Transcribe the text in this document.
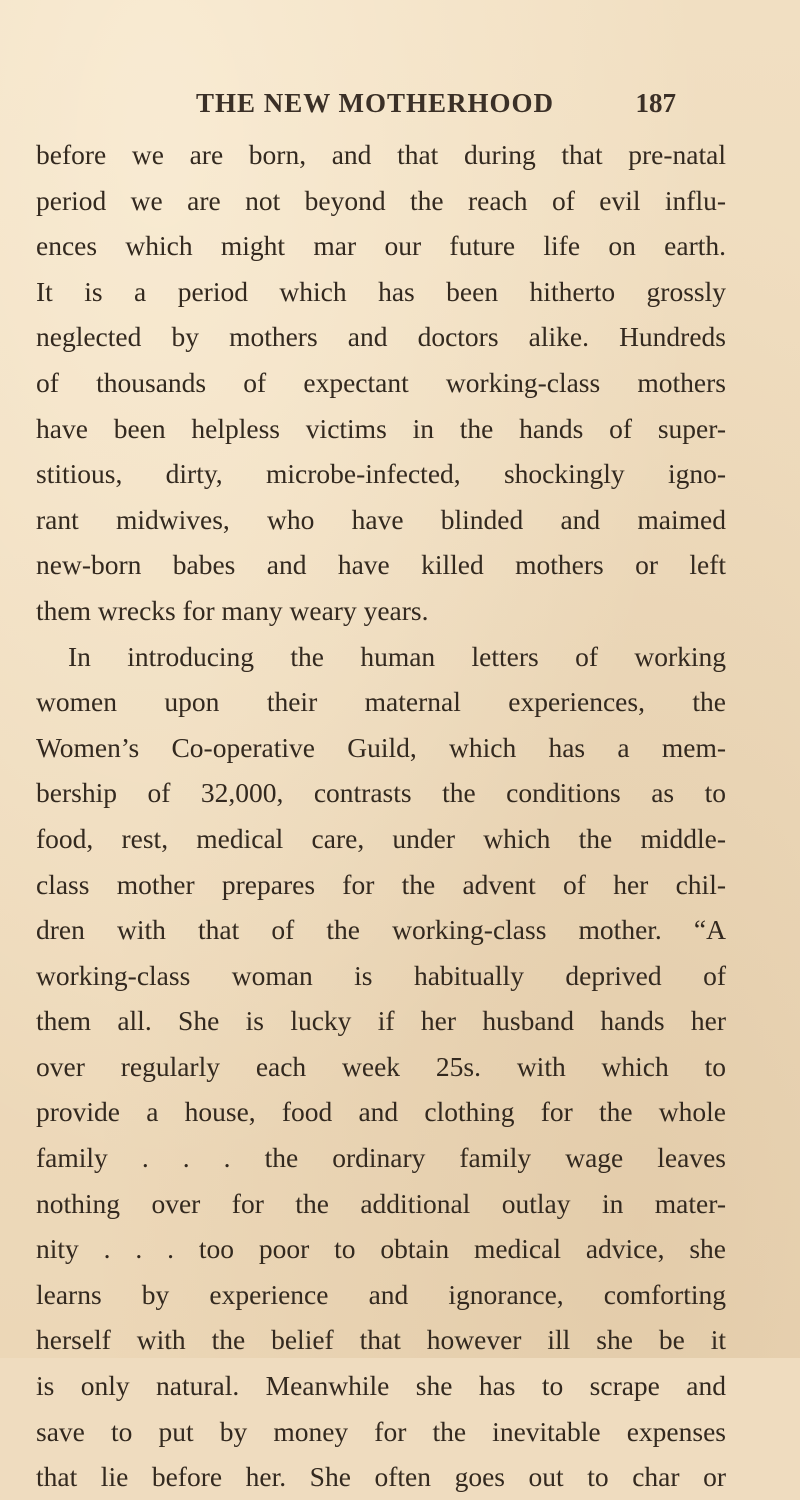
THE NEW MOTHERHOOD	187
before we are born, and that during that pre-natal
period we are not beyond the reach of evil influ-
ences which might mar our future life on earth.
It is a period which has been hitherto grossly
neglected by mothers and doctors alike. Hundreds
of thousands of expectant working-class mothers
have been helpless victims in the hands of super-
stitious, dirty, microbe-infected, shockingly igno-
rant midwives, who have blinded and maimed
new-born babes and have killed mothers or left
them wrecks for many weary years.
In introducing the human letters of working
women upon their maternal experiences, the
Women’s Co-operative Guild, which has a mem-
bership of 32,000, contrasts the conditions as to
food, rest, medical care, under which the middle-
class mother prepares for the advent of her chil-
dren with that of the working-class mother. “A
working-class woman is habitually deprived of
them all. She is lucky if her husband hands her
over regularly each week 25s. with which to
provide a house, food and clothing for the whole
family . . . the ordinary family wage leaves
nothing over for the additional outlay in mater-
nity . . . too poor to obtain medical advice, she
learns by experience and ignorance, comforting
herself with the belief that however ill she be it
is only natural. Meanwhile she has to scrape and
save to put by money for the inevitable expenses
that lie before her. She often goes out to char or
